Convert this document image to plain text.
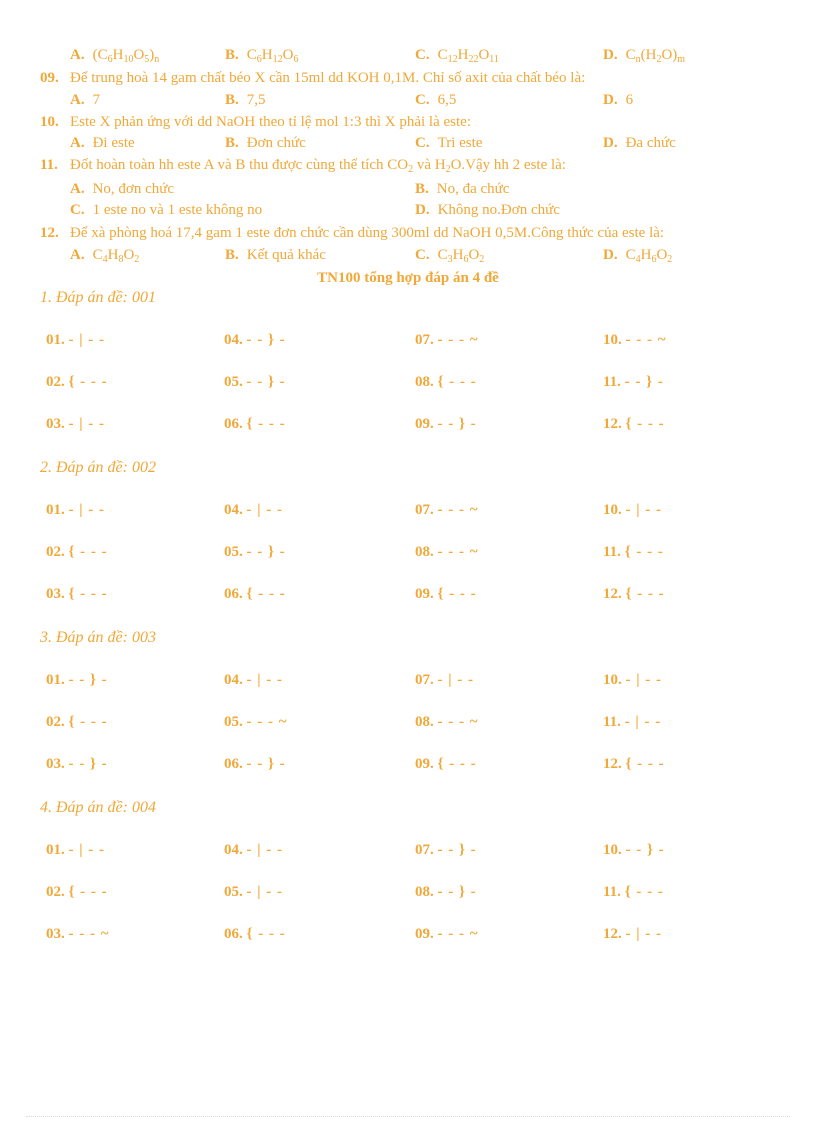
A. $(C_6H_{10}O_5)_n$	B. $C_6H_{12}O_6$	C. $C_{12}H_{22}O_{11}$	D. $C_n(H_2O)_m$
09. Để trung hoà 14 gam chất béo X cần 15ml dd KOH 0,1M. Chỉ số axit của chất béo là:
A. 7	B. 7,5	C. 6,5	D. 6
10. Este X phản ứng với dd NaOH theo tỉ lệ mol 1:3 thì X phải là este:
A. Đi este	B. Đơn chức	C. Tri este	D. Đa chức
11. Đốt hoàn toàn hh este A và B thu được cùng thể tích $CO_2$ và $H_2O.Vậy$ hh 2 este là:
A. No, đơn chức	B. No, đa chức
C. 1 este no và 1 este không no	D. Không no.Đơn chức
12. Để xà phòng hoá 17,4 gam 1 este đơn chức cần dùng 300ml dd NaOH 0,5M.Công thức của este là:
A. $C_4H_8O_2$	B. Kết quả khác	C. $C_3H_6O_2$	D. $C_4H_6O_2$
TN100 tổng hợp đáp án 4 đề
1. Đáp án đề: 001
01. - | - -	04. - - } -	07. - - - ~	10. - - - ~
02. { - - -	05. - - } -	08. { - - -	11. - - } -
03. - | - -	06. { - - -	09. - - } -	12. { - - -
2. Đáp án đề: 002
01. - | - -	04. - | - -	07. - - - ~	10. - | - -
02. { - - -	05. - - } -	08. - - - ~	11. { - - -
03. { - - -	06. { - - -	09. { - - -	12. { - - -
3. Đáp án đề: 003
01. - - } -	04. - | - -	07. - | - -	10. - | - -
02. { - - -	05. - - - ~	08. - - - ~	11. - | - -
03. - - } -	06. - - } -	09. { - - -	12. { - - -
4. Đáp án đề: 004
01. - | - -	04. - | - -	07. - - } -	10. - - } -
02. { - - -	05. - | - -	08. - - } -	11. { - - -
03. - - - ~	06. { - - -	09. - - - ~	12. - | - -
